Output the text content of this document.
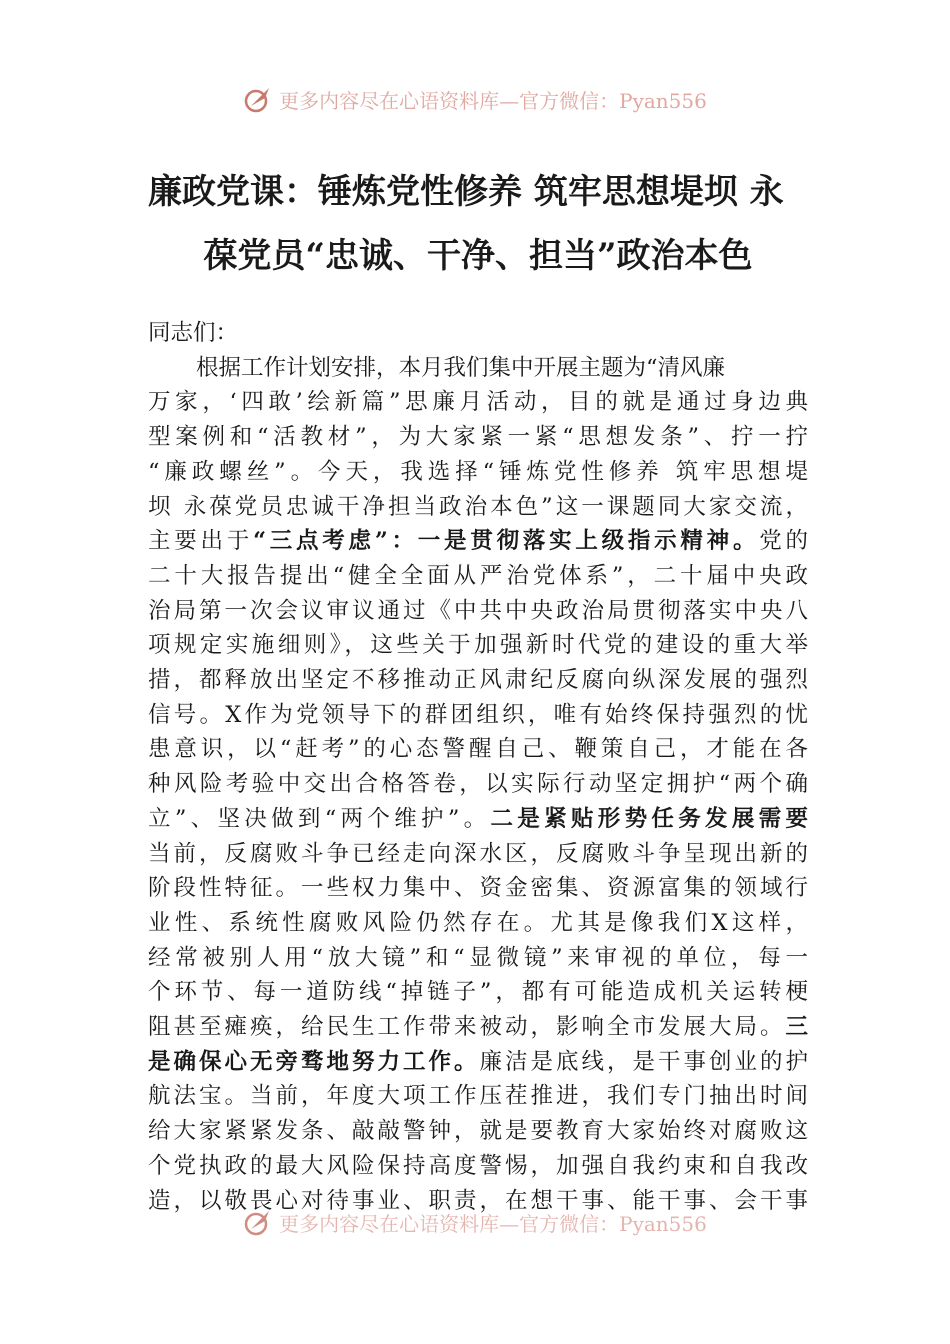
更多内容尽在心语资料库—官方微信：Pyan556
廉政党课：锤炼党性修养 筑牢思想堤坝 永
葆党员“忠诚、干净、担当”政治本色
同志们：
根据工作计划安排，本月我们集中开展主题为“清风廉
万家，‘四敢’绘新篇”思廉月活动，目的就是通过身边典
型案例和“活教材”，为大家紧一紧“思想发条”、拧一拧
“廉政螺丝”。今天，我选择“锤炼党性修养 筑牢思想堤
坝 永葆党员忠诚干净担当政治本色”这一课题同大家交流，
主要出于“三点考虑”：一是贯彻落实上级指示精神。党的
二十大报告提出“健全全面从严治党体系”，二十届中央政
治局第一次会议审议通过《中共中央政治局贯彻落实中央八
项规定实施细则》，这些关于加强新时代党的建设的重大举
措，都释放出坚定不移推动正风肃纪反腐向纵深发展的强烈
信号。X作为党领导下的群团组织，唯有始终保持强烈的忧
患意识，以“赶考”的心态警醒自己、鞭策自己，才能在各
种风险考验中交出合格答卷，以实际行动坚定拥护“两个确
立”、坚决做到“两个维护”。二是紧贴形势任务发展需要
当前，反腐败斗争已经走向深水区，反腐败斗争呈现出新的
阶段性特征。一些权力集中、资金密集、资源富集的领域行
业性、系统性腐败风险仍然存在。尤其是像我们X这样，
经常被别人用“放大镜”和“显微镜”来审视的单位，每一
个环节、每一道防线“掉链子”，都有可能造成机关运转梗
阻甚至瘫痪，给民生工作带来被动，影响全市发展大局。三
是确保心无旁骛地努力工作。廉洁是底线，是干事创业的护
航法宝。当前，年度大项工作压茬推进，我们专门抽出时间
给大家紧紧发条、敲敲警钟，就是要教育大家始终对腐败这
个党执政的最大风险保持高度警惕，加强自我约束和自我改
造，以敬畏心对待事业、职责，在想干事、能干事、会干事
更多内容尽在心语资料库—官方微信：Pyan556
